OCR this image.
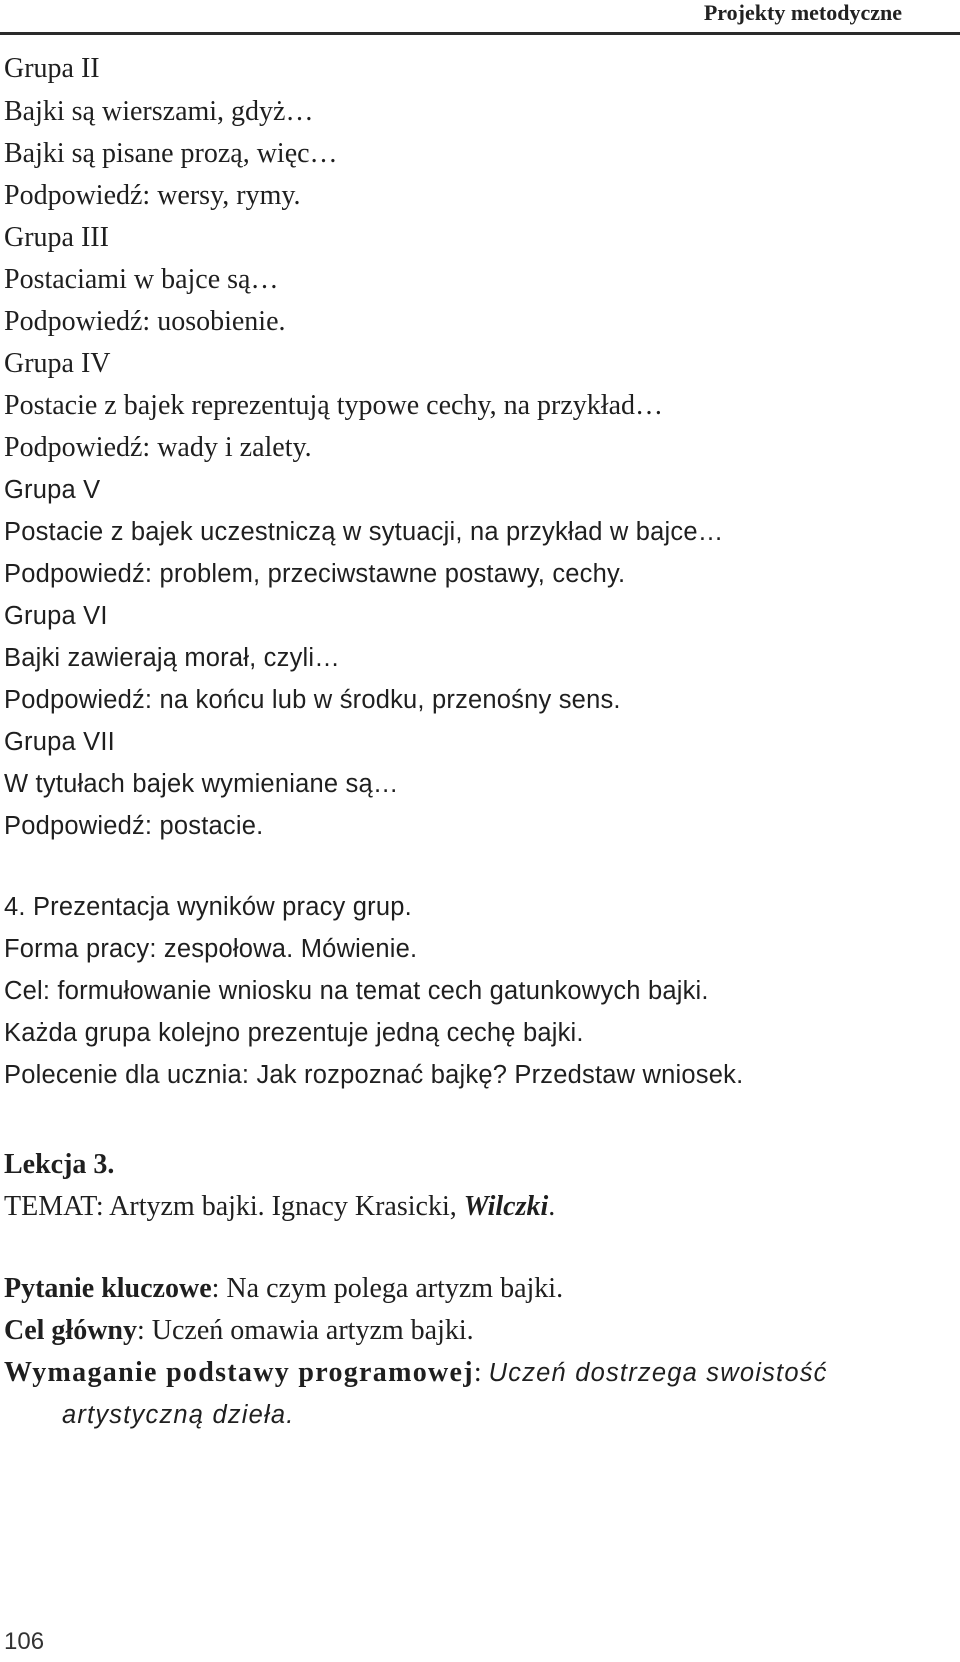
Projekty metodyczne
Grupa II
Bajki są wierszami, gdyż…
Bajki są pisane prozą, więc…
Podpowiedź: wersy, rymy.
Grupa III
Postaciami w bajce są…
Podpowiedź: uosobienie.
Grupa IV
Postacie z bajek reprezentują typowe cechy, na przykład…
Podpowiedź: wady i zalety.
Grupa V
Postacie z bajek uczestniczą w sytuacji, na przykład w bajce…
Podpowiedź: problem, przeciwstawne postawy, cechy.
Grupa VI
Bajki zawierają morał, czyli…
Podpowiedź: na końcu lub w środku, przenośny sens.
Grupa VII
W tytułach bajek wymieniane są…
Podpowiedź: postacie.
4. Prezentacja wyników pracy grup.
Forma pracy: zespołowa. Mówienie.
Cel: formułowanie wniosku na temat cech gatunkowych bajki.
Każda grupa kolejno prezentuje jedną cechę bajki.
Polecenie dla ucznia: Jak rozpoznać bajkę? Przedstaw wniosek.
Lekcja 3.
TEMAT: Artyzm bajki. Ignacy Krasicki, Wilczki.
Pytanie kluczowe: Na czym polega artyzm bajki.
Cel główny: Uczeń omawia artyzm bajki.
Wymaganie podstawy programowej: Uczeń dostrzega swoistość
artystyczną dzieła.
106
